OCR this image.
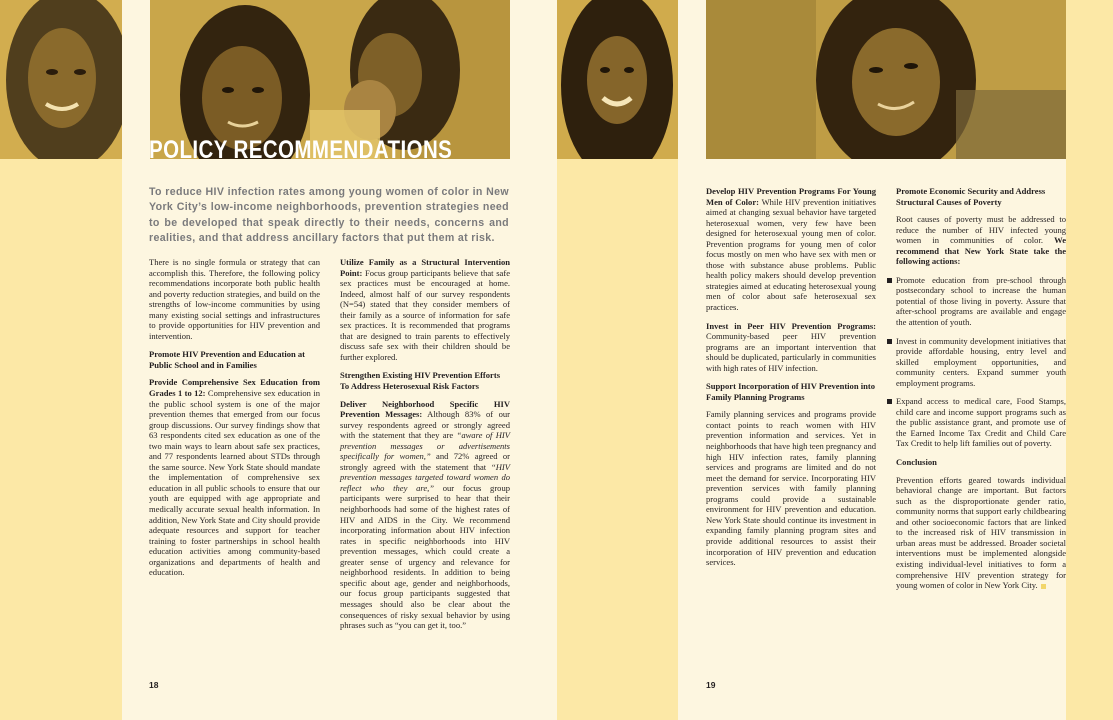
POLICY RECOMMENDATIONS
To reduce HIV infection rates among young women of color in New York City’s low-income neighborhoods, prevention strategies need to be developed that speak directly to their needs, concerns and realities, and that address ancillary factors that put them at risk.

There is no single formula or strategy that can accomplish this. Therefore, the following policy recommendations incorporate both public health and poverty reduction strategies, and build on the strengths of low-income communities by using many existing social settings and infrastructures to provide opportunities for HIV prevention and intervention.

Promote HIV Prevention and Education at Public School and in Families

Provide Comprehensive Sex Education from Grades 1 to 12: Comprehensive sex education in the public school system is one of the major prevention themes that emerged from our focus group discussions. Our survey findings show that 63 respondents cited sex education as one of the two main ways to learn about safe sex practices, and 77 respondents learned about STDs through the same source. New York State should mandate the implementation of comprehensive sex education in all public schools to ensure that our youth are equipped with age appropriate and medically accurate sexual health information. In addition, New York State and City should provide adequate resources and support for teacher training to foster partnerships in school health education activities among community-based organizations and departments of health and education.

Utilize Family as a Structural Intervention Point: Focus group participants believe that safe sex practices must be encouraged at home. Indeed, almost half of our survey respondents (N=54) stated that they consider members of their family as a source of information for safe sex practices. It is recommended that programs that are designed to train parents to effectively discuss safe sex with their children should be further explored.

Strengthen Existing HIV Prevention Efforts To Address Heterosexual Risk Factors

Deliver Neighborhood Specific HIV Prevention Messages: Although 83% of our survey respondents agreed or strongly agreed with the statement that they are “aware of HIV prevention messages or advertisements specifically for women,” and 72% agreed or strongly agreed with the statement that “HIV prevention messages targeted toward women do reflect who they are,” our focus group participants were surprised to hear that their neighborhoods had some of the highest rates of HIV and AIDS in the City. We recommend incorporating information about HIV infection rates in specific neighborhoods into HIV prevention messages, which could create a greater sense of urgency and relevance for neighborhood residents. In addition to being specific about age, gender and neighborhoods, our focus group participants suggested that messages should also be clear about the consequences of risky sexual behavior by using phrases such as “you can get it, too.”

Develop HIV Prevention Programs For Young Men of Color: While HIV prevention initiatives aimed at changing sexual behavior have targeted heterosexual women, very few have been designed for heterosexual young men of color. Prevention programs for young men of color focus mostly on men who have sex with men or those with substance abuse problems. Public health policy makers should develop prevention strategies aimed at educating heterosexual young men of color about safe heterosexual sex practices.

Invest in Peer HIV Prevention Programs: Community-based peer HIV prevention programs are an important intervention that should be duplicated, particularly in communities with high rates of HIV infection.

Support Incorporation of HIV Prevention into Family Planning Programs

Family planning services and programs provide contact points to reach women with HIV prevention information and services. Yet in neighborhoods that have high teen pregnancy and high HIV infection rates, family planning services and programs are limited and do not meet the demand for service. Incorporating HIV prevention services with family planning programs could provide a sustainable environment for HIV prevention and education. New York State should continue its investment in expanding family planning program sites and provide additional resources to assist their incorporation of HIV prevention and education services.

Promote Economic Security and Address Structural Causes of Poverty

Root causes of poverty must be addressed to reduce the number of HIV infected young women in communities of color. We recommend that New York State take the following actions:

Promote education from pre-school through postsecondary school to increase the human potential of those living in poverty. Assure that after-school programs are available and engage the attention of youth.
Invest in community development initiatives that provide affordable housing, entry level and skilled employment opportunities, and community centers. Expand summer youth employment programs.
Expand access to medical care, Food Stamps, child care and income support programs such as the public assistance grant, and promote use of the Earned Income Tax Credit and Child Care Tax Credit to help lift families out of poverty.
Conclusion

Prevention efforts geared towards individual behavioral change are important. But factors such as the disproportionate gender ratio, community norms that support early childbearing and other socioeconomic factors that are linked to the increased risk of HIV transmission in urban areas must be addressed. Broader societal interventions must be implemented alongside existing individual-level initiatives to form a comprehensive HIV prevention strategy for young women of color in New York City.

18	19
